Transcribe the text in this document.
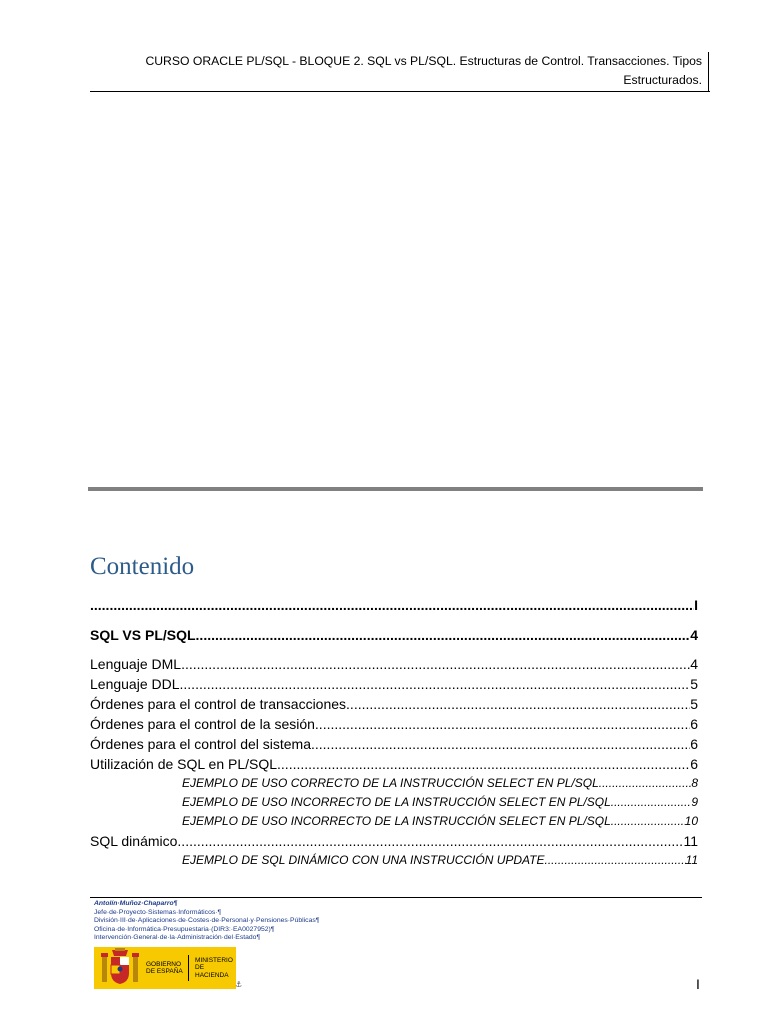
CURSO ORACLE PL/SQL - BLOQUE 2. SQL vs PL/SQL. Estructuras de Control. Transacciones. Tipos
Estructurados.
Contenido
.....
I
SQL VS PL/SQL .....	4
Lenguaje DML .....	4
Lenguaje DDL .....	5
Órdenes para el control de transacciones .....	5
Órdenes para el control de la sesión .....	6
Órdenes para el control del sistema .....	6
Utilización de SQL en PL/SQL .....	6
EJEMPLO DE USO CORRECTO DE LA INSTRUCCIÓN SELECT EN PL/SQL .....	8
EJEMPLO DE USO INCORRECTO DE LA INSTRUCCIÓN SELECT EN PL/SQL .....	9
EJEMPLO DE USO INCORRECTO DE LA INSTRUCCIÓN SELECT EN PL/SQL .....	10
SQL dinámico .....	11
EJEMPLO DE SQL DINÁMICO CON UNA INSTRUCCIÓN UPDATE .....	11
Antolín·Muñoz·Chaparro¶
Jefe·de·Proyecto·Sistemas·Informáticos·¶
División·III·de·Aplicaciones·de·Costes·de·Personal·y·Pensiones·Públicas¶
Oficina·de·Informática·Presupuestaria·(DIR3:·EA0027952)¶
Intervención·General·de·la·Administración·del·Estado¶
GOBIERNO
DE ESPAÑA
MINISTERIO
DE HACIENDA
⚓	I
